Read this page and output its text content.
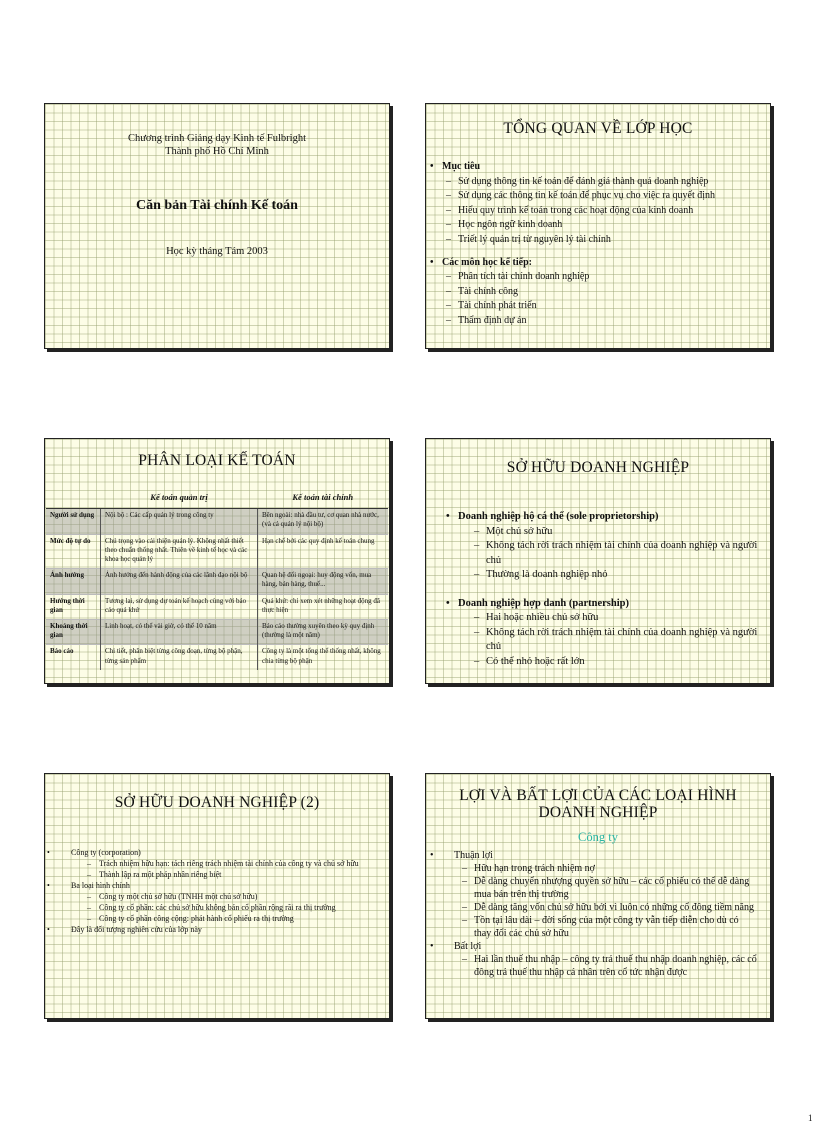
Chương trình Giảng dạy Kinh tế Fulbright
Thành phố Hồ Chí Minh
Căn bản Tài chính Kế toán
Học kỳ tháng Tám 2003
TỔNG QUAN VỀ LỚP HỌC
• Mục tiêu
– Sử dụng thông tin kế toán để đánh giá thành quả doanh nghiệp
– Sử dụng các thông tin kế toán để phục vụ cho việc ra quyết định
– Hiểu quy trình kế toán trong các hoạt động của kinh doanh
– Học ngôn ngữ kinh doanh
– Triết lý quản trị từ nguyên lý tài chính
• Các môn học kế tiếp:
– Phân tích tài chính doanh nghiệp
– Tài chính công
– Tài chính phát triển
– Thẩm định dự án
PHÂN LOẠI KẾ TOÁN
	Kế toán quản trị	Kế toán tài chính
Người sử dụng	Nội bộ : Các cấp quản lý trong công ty	Bên ngoài: nhà đầu tư, cơ quan nhà nước, (và cả quản lý nội bộ)
Mức độ tự do	Chú trọng vào cải thiện quản lý. Không nhất thiết theo chuẩn thống nhất. Thiên về kinh tế học và các khoa học quản lý	Hạn chế bởi các quy định kế toán chung
Ảnh hưởng	Ảnh hưởng đến hành động của các lãnh đạo nội bộ	Quan hệ đối ngoại: huy động vốn, mua hàng, bán hàng, thuế...
Hướng thời gian	Tương lai, sử dụng dự toán kế hoạch cùng với báo cáo quá khứ	Quá khứ: chỉ xem xét những hoạt động đã thực hiện
Khoảng thời gian	Linh hoạt, có thể vài giờ, có thể 10 năm	Báo cáo thường xuyên theo kỳ quy định (thường là một năm)
Báo cáo	Chi tiết, phân biệt từng công đoạn, từng bộ phận, từng sản phẩm	Công ty là một tổng thể thống nhất, không chia từng bộ phận
SỞ HỮU DOANH NGHIỆP
• Doanh nghiệp hộ cá thể (sole proprietorship)
– Một chủ sở hữu
– Không tách rời trách nhiệm tài chính của doanh nghiệp và người chủ
– Thường là doanh nghiệp nhỏ
• Doanh nghiệp hợp danh (partnership)
– Hai hoặc nhiều chủ sở hữu
– Không tách rời trách nhiệm tài chính của doanh nghiệp và người chủ
– Có thể nhỏ hoặc rất lớn
SỞ HỮU DOANH NGHIỆP (2)
•	Công ty (corporation)
– Trách nhiệm hữu hạn: tách riêng trách nhiệm tài chính của công ty và chủ sở hữu
– Thành lập ra một pháp nhân riêng biệt
•	Ba loại hình chính
– Công ty một chủ sở hữu (TNHH một chủ sở hữu)
– Công ty cổ phần: các chủ sở hữu không bán cổ phần rộng rãi ra thị trường
– Công ty cổ phần công cộng: phát hành cổ phiếu ra thị trường
•	Đây là đối tượng nghiên cứu của lớp này
LỢI VÀ BẤT LỢI CỦA CÁC LOẠI HÌNH
DOANH NGHIỆP
Công ty
• Thuận lợi
– Hữu hạn trong trách nhiệm nợ
– Dễ dàng chuyển nhượng quyền sở hữu – các cổ phiếu có thể dễ dàng mua bán trên thị trường
– Dễ dàng tăng vốn chủ sở hữu bởi vì luôn có những cổ đông tiềm năng
– Tồn tại lâu dài – đời sống của một công ty vẫn tiếp diễn cho dù có thay đổi các chủ sở hữu
• Bất lợi
– Hai lần thuế thu nhập – công ty trả thuế thu nhập doanh nghiệp, các cổ đông trả thuế thu nhập cá nhân trên cổ tức nhận được
1
